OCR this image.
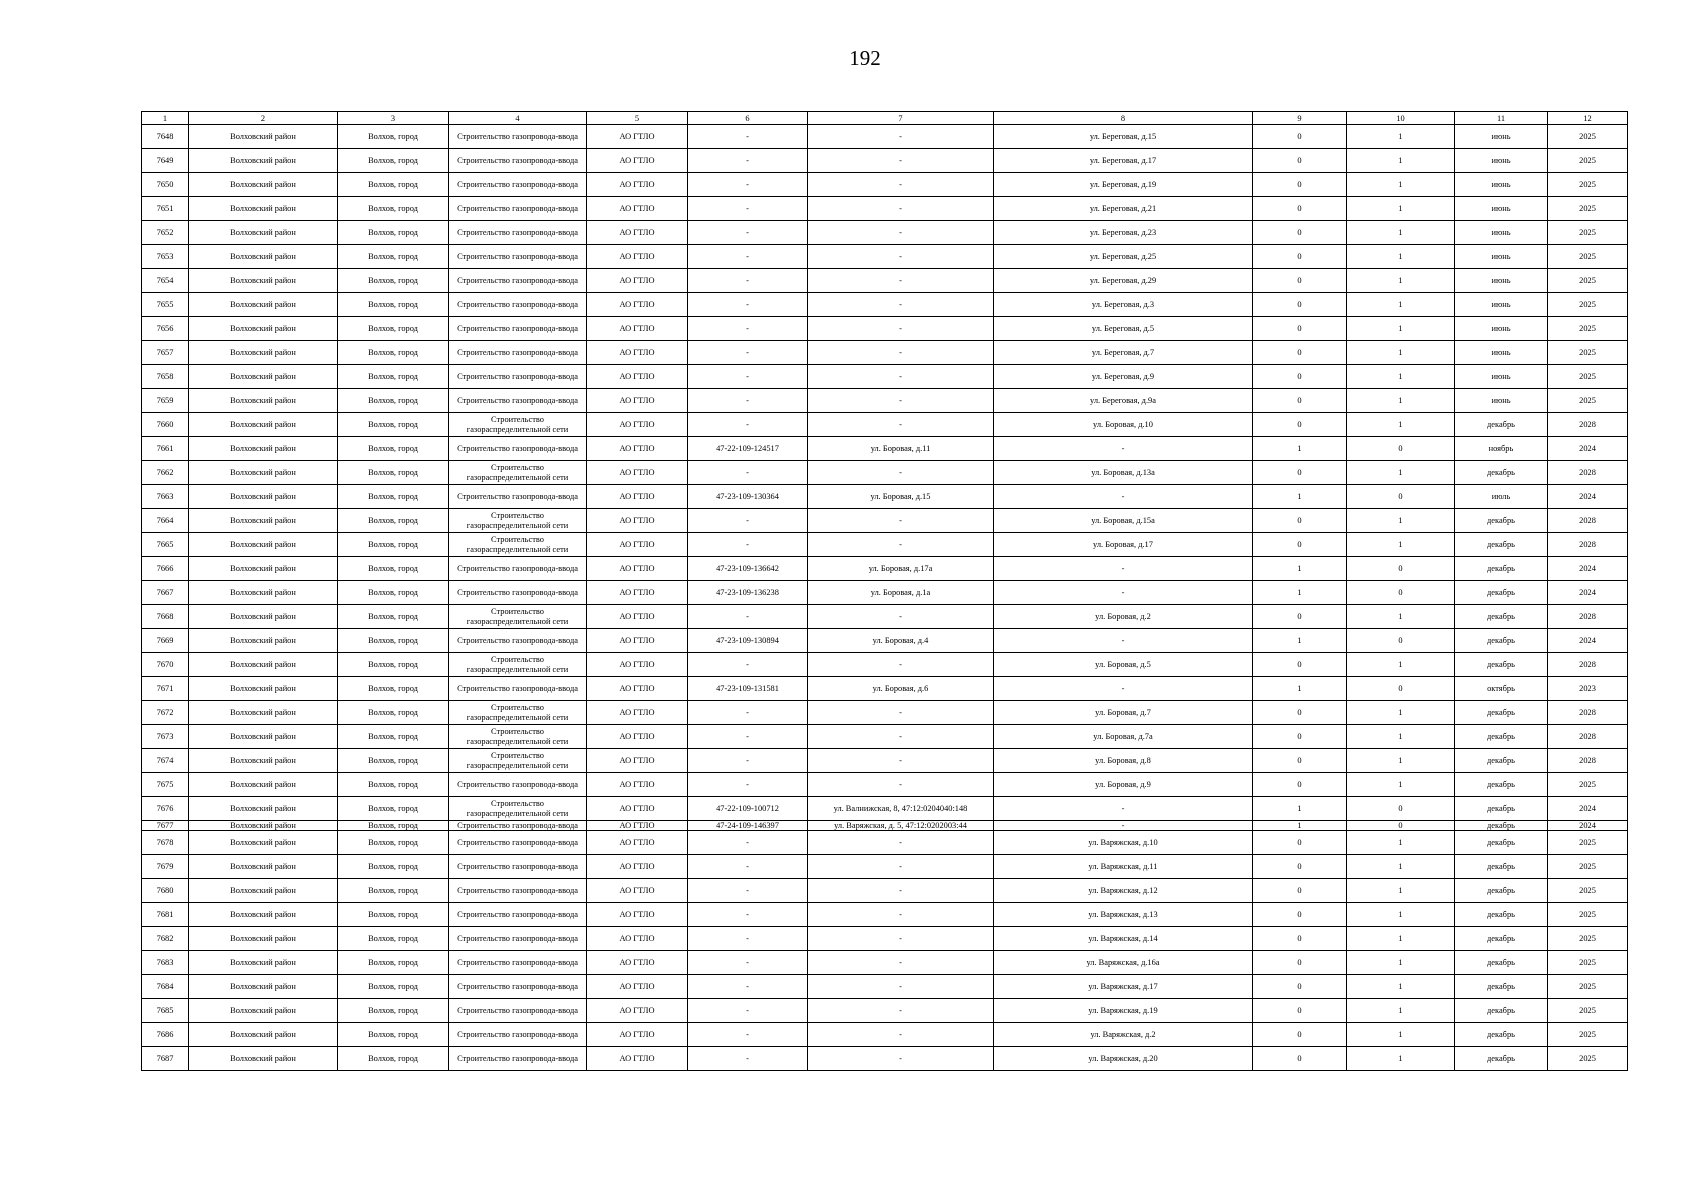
192
1	2	3	4	5	6	7	8	9	10	11	12
7648	Волховский район	Волхов, город	Строительство газопровода-ввода	АО ГТЛО	-	-	ул. Береговая, д.15	0	1	июнь	2025
7649	Волховский район	Волхов, город	Строительство газопровода-ввода	АО ГТЛО	-	-	ул. Береговая, д.17	0	1	июнь	2025
7650	Волховский район	Волхов, город	Строительство газопровода-ввода	АО ГТЛО	-	-	ул. Береговая, д.19	0	1	июнь	2025
7651	Волховский район	Волхов, город	Строительство газопровода-ввода	АО ГТЛО	-	-	ул. Береговая, д.21	0	1	июнь	2025
7652	Волховский район	Волхов, город	Строительство газопровода-ввода	АО ГТЛО	-	-	ул. Береговая, д.23	0	1	июнь	2025
7653	Волховский район	Волхов, город	Строительство газопровода-ввода	АО ГТЛО	-	-	ул. Береговая, д.25	0	1	июнь	2025
7654	Волховский район	Волхов, город	Строительство газопровода-ввода	АО ГТЛО	-	-	ул. Береговая, д.29	0	1	июнь	2025
7655	Волховский район	Волхов, город	Строительство газопровода-ввода	АО ГТЛО	-	-	ул. Береговая, д.3	0	1	июнь	2025
7656	Волховский район	Волхов, город	Строительство газопровода-ввода	АО ГТЛО	-	-	ул. Береговая, д.5	0	1	июнь	2025
7657	Волховский район	Волхов, город	Строительство газопровода-ввода	АО ГТЛО	-	-	ул. Береговая, д.7	0	1	июнь	2025
7658	Волховский район	Волхов, город	Строительство газопровода-ввода	АО ГТЛО	-	-	ул. Береговая, д.9	0	1	июнь	2025
7659	Волховский район	Волхов, город	Строительство газопровода-ввода	АО ГТЛО	-	-	ул. Береговая, д.9а	0	1	июнь	2025
7660	Волховский район	Волхов, город	Строительство газораспределительной сети	АО ГТЛО	-	-	ул. Боровая, д.10	0	1	декабрь	2028
7661	Волховский район	Волхов, город	Строительство газопровода-ввода	АО ГТЛО	47-22-109-124517	ул. Боровая, д.11	-	1	0	ноябрь	2024
7662	Волховский район	Волхов, город	Строительство газораспределительной сети	АО ГТЛО	-	-	ул. Боровая, д.13а	0	1	декабрь	2028
7663	Волховский район	Волхов, город	Строительство газопровода-ввода	АО ГТЛО	47-23-109-130364	ул. Боровая, д.15	-	1	0	июль	2024
7664	Волховский район	Волхов, город	Строительство газораспределительной сети	АО ГТЛО	-	-	ул. Боровая, д.15а	0	1	декабрь	2028
7665	Волховский район	Волхов, город	Строительство газораспределительной сети	АО ГТЛО	-	-	ул. Боровая, д.17	0	1	декабрь	2028
7666	Волховский район	Волхов, город	Строительство газопровода-ввода	АО ГТЛО	47-23-109-136642	ул. Боровая, д.17а	-	1	0	декабрь	2024
7667	Волховский район	Волхов, город	Строительство газопровода-ввода	АО ГТЛО	47-23-109-136238	ул. Боровая, д.1а	-	1	0	декабрь	2024
7668	Волховский район	Волхов, город	Строительство газораспределительной сети	АО ГТЛО	-	-	ул. Боровая, д.2	0	1	декабрь	2028
7669	Волховский район	Волхов, город	Строительство газопровода-ввода	АО ГТЛО	47-23-109-130894	ул. Боровая, д.4	-	1	0	декабрь	2024
7670	Волховский район	Волхов, город	Строительство газораспределительной сети	АО ГТЛО	-	-	ул. Боровая, д.5	0	1	декабрь	2028
7671	Волховский район	Волхов, город	Строительство газопровода-ввода	АО ГТЛО	47-23-109-131581	ул. Боровая, д.6	-	1	0	октябрь	2023
7672	Волховский район	Волхов, город	Строительство газораспределительной сети	АО ГТЛО	-	-	ул. Боровая, д.7	0	1	декабрь	2028
7673	Волховский район	Волхов, город	Строительство газораспределительной сети	АО ГТЛО	-	-	ул. Боровая, д.7а	0	1	декабрь	2028
7674	Волховский район	Волхов, город	Строительство газораспределительной сети	АО ГТЛО	-	-	ул. Боровая, д.8	0	1	декабрь	2028
7675	Волховский район	Волхов, город	Строительство газопровода-ввода	АО ГТЛО	-	-	ул. Боровая, д.9	0	1	декабрь	2025
7676	Волховский район	Волхов, город	Строительство газораспределительной сети	АО ГТЛО	47-22-109-100712	ул. Валнижская, 8, 47:12:0204040:148	-	1	0	декабрь	2024
7677	Волховский район	Волхов, город	Строительство газопровода-ввода	АО ГТЛО	47-24-109-146397	ул. Варяжская, д. 5, 47:12:0202003:44	-	1	0	декабрь	2024
7678	Волховский район	Волхов, город	Строительство газопровода-ввода	АО ГТЛО	-	-	ул. Варяжская, д.10	0	1	декабрь	2025
7679	Волховский район	Волхов, город	Строительство газопровода-ввода	АО ГТЛО	-	-	ул. Варяжская, д.11	0	1	декабрь	2025
7680	Волховский район	Волхов, город	Строительство газопровода-ввода	АО ГТЛО	-	-	ул. Варяжская, д.12	0	1	декабрь	2025
7681	Волховский район	Волхов, город	Строительство газопровода-ввода	АО ГТЛО	-	-	ул. Варяжская, д.13	0	1	декабрь	2025
7682	Волховский район	Волхов, город	Строительство газопровода-ввода	АО ГТЛО	-	-	ул. Варяжская, д.14	0	1	декабрь	2025
7683	Волховский район	Волхов, город	Строительство газопровода-ввода	АО ГТЛО	-	-	ул. Варяжская, д.16а	0	1	декабрь	2025
7684	Волховский район	Волхов, город	Строительство газопровода-ввода	АО ГТЛО	-	-	ул. Варяжская, д.17	0	1	декабрь	2025
7685	Волховский район	Волхов, город	Строительство газопровода-ввода	АО ГТЛО	-	-	ул. Варяжская, д.19	0	1	декабрь	2025
7686	Волховский район	Волхов, город	Строительство газопровода-ввода	АО ГТЛО	-	-	ул. Варяжская, д.2	0	1	декабрь	2025
7687	Волховский район	Волхов, город	Строительство газопровода-ввода	АО ГТЛО	-	-	ул. Варяжская, д.20	0	1	декабрь	2025
